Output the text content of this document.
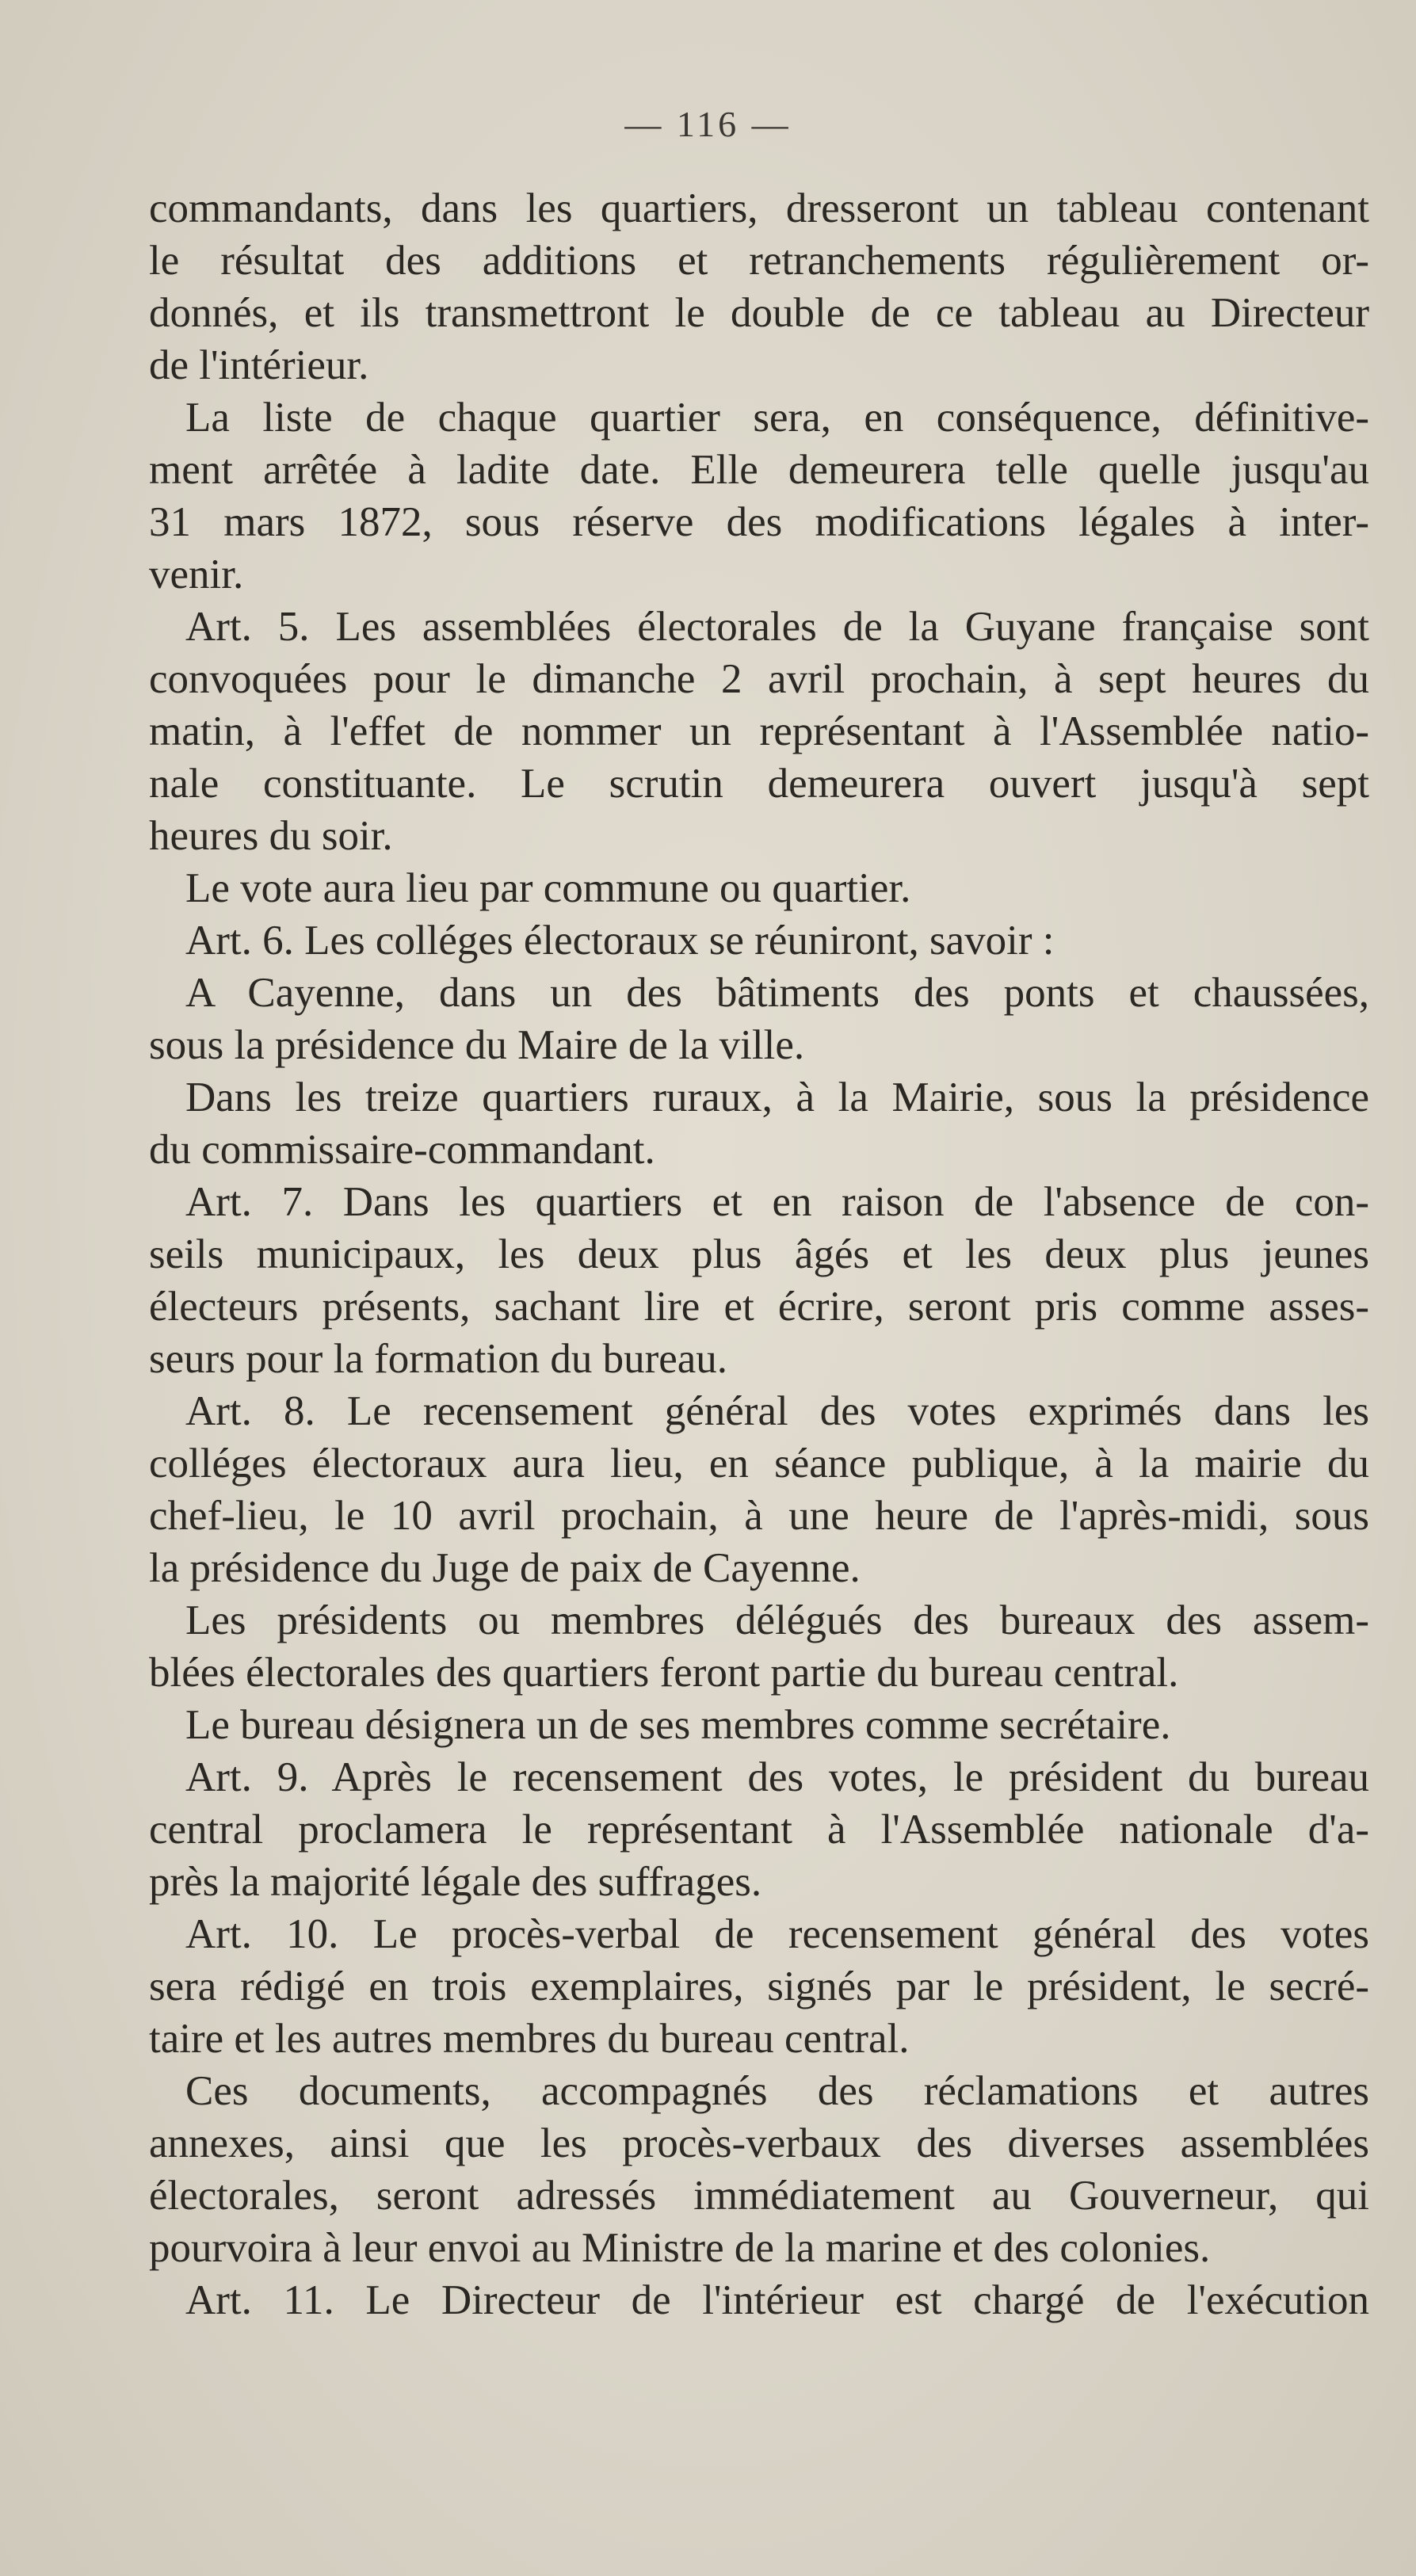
— 116 —
commandants, dans les quartiers, dresseront un tableau contenant
le résultat des additions et retranchements régulièrement or-
donnés, et ils transmettront le double de ce tableau au Directeur
de l'intérieur.
La liste de chaque quartier sera, en conséquence, définitive-
ment arrêtée à ladite date. Elle demeurera telle quelle jusqu'au
31 mars 1872, sous réserve des modifications légales à inter-
venir.
Art. 5. Les assemblées électorales de la Guyane française sont
convoquées pour le dimanche 2 avril prochain, à sept heures du
matin, à l'effet de nommer un représentant à l'Assemblée natio-
nale constituante. Le scrutin demeurera ouvert jusqu'à sept
heures du soir.
Le vote aura lieu par commune ou quartier.
Art. 6. Les colléges électoraux se réuniront, savoir :
A Cayenne, dans un des bâtiments des ponts et chaussées,
sous la présidence du Maire de la ville.
Dans les treize quartiers ruraux, à la Mairie, sous la présidence
du commissaire-commandant.
Art. 7. Dans les quartiers et en raison de l'absence de con-
seils municipaux, les deux plus âgés et les deux plus jeunes
électeurs présents, sachant lire et écrire, seront pris comme asses-
seurs pour la formation du bureau.
Art. 8. Le recensement général des votes exprimés dans les
colléges électoraux aura lieu, en séance publique, à la mairie du
chef-lieu, le 10 avril prochain, à une heure de l'après-midi, sous
la présidence du Juge de paix de Cayenne.
Les présidents ou membres délégués des bureaux des assem-
blées électorales des quartiers feront partie du bureau central.
Le bureau désignera un de ses membres comme secrétaire.
Art. 9. Après le recensement des votes, le président du bureau
central proclamera le représentant à l'Assemblée nationale d'a-
près la majorité légale des suffrages.
Art. 10. Le procès-verbal de recensement général des votes
sera rédigé en trois exemplaires, signés par le président, le secré-
taire et les autres membres du bureau central.
Ces documents, accompagnés des réclamations et autres
annexes, ainsi que les procès-verbaux des diverses assemblées
électorales, seront adressés immédiatement au Gouverneur, qui
pourvoira à leur envoi au Ministre de la marine et des colonies.
Art. 11. Le Directeur de l'intérieur est chargé de l'exécution
